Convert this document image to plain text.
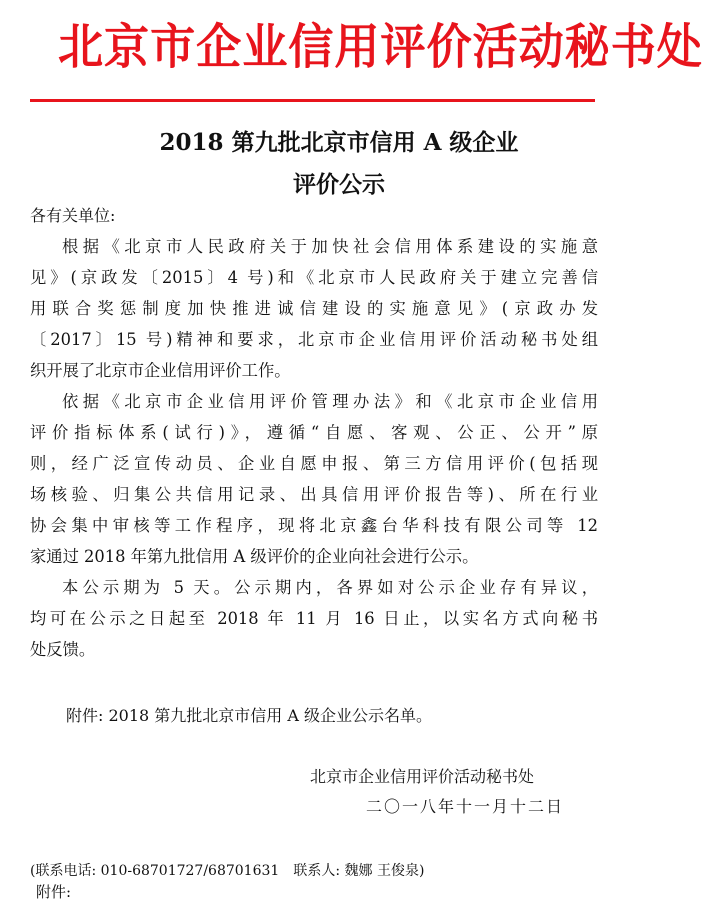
北京市企业信用评价活动秘书处
2018 第九批北京市信用 A 级企业
评价公示
各有关单位:
根据《北京市人民政府关于加快社会信用体系建设的实施意
见》(京政发〔2015〕4 号)和《北京市人民政府关于建立完善信
用联合奖惩制度加快推进诚信建设的实施意见》(京政办发
〔2017〕15 号)精神和要求，北京市企业信用评价活动秘书处组
织开展了北京市企业信用评价工作。
依据《北京市企业信用评价管理办法》和《北京市企业信用
评价指标体系(试行)》，遵循“自愿、客观、公正、公开”原
则，经广泛宣传动员、企业自愿申报、第三方信用评价(包括现
场核验、归集公共信用记录、出具信用评价报告等)、所在行业
协会集中审核等工作程序，现将北京鑫台华科技有限公司等 12
家通过 2018 年第九批信用 A 级评价的企业向社会进行公示。
本公示期为 5 天。公示期内，各界如对公示企业存有异议，
均可在公示之日起至 2018 年 11 月 16 日止，以实名方式向秘书
处反馈。
附件: 2018 第九批北京市信用 A 级企业公示名单。
北京市企业信用评价活动秘书处
二〇一八年十一月十二日
(联系电话: 010-68701727/68701631 联系人: 魏娜 王俊泉)
附件:
